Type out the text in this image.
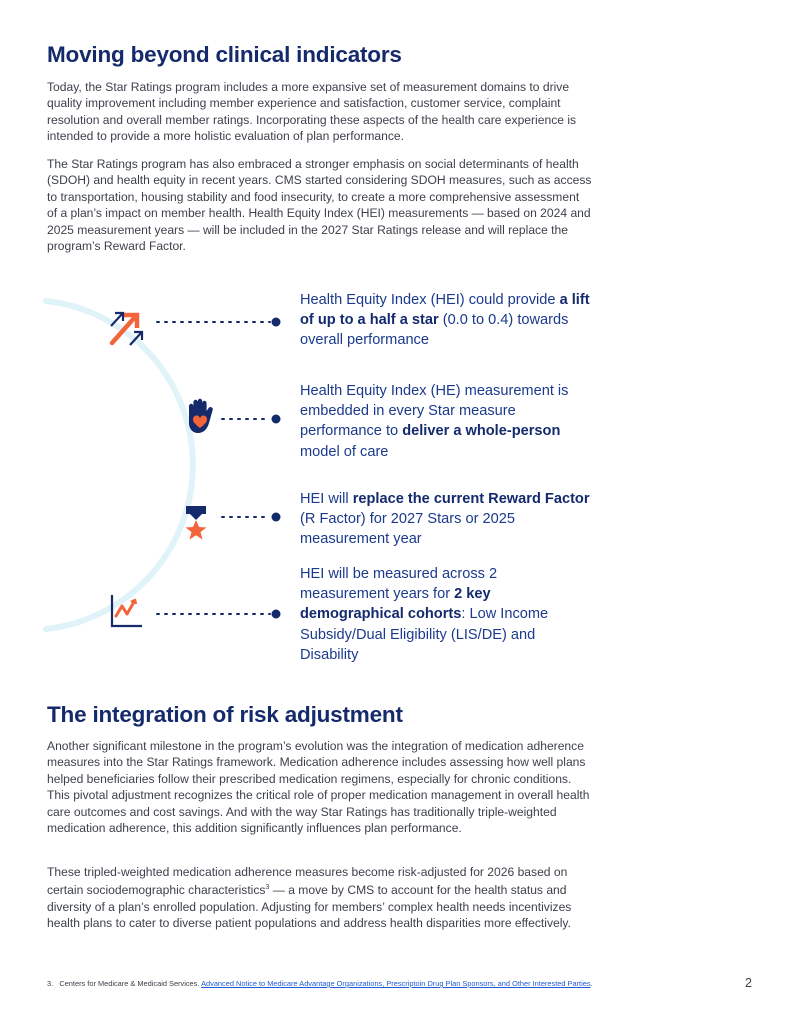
Moving beyond clinical indicators

Today, the Star Ratings program includes a more expansive set of measurement domains to drive quality improvement including member experience and satisfaction, customer service, complaint resolution and overall member ratings. Incorporating these aspects of the health care experience is intended to provide a more holistic evaluation of plan performance.

The Star Ratings program has also embraced a stronger emphasis on social determinants of health (SDOH) and health equity in recent years. CMS started considering SDOH measures, such as access to transportation, housing stability and food insecurity, to create a more comprehensive assessment of a plan’s impact on member health. Health Equity Index (HEI) measurements — based on 2024 and 2025 measurement years — will be included in the 2027 Star Ratings release and will replace the program’s Reward Factor.

Health Equity Index (HEI) could provide a lift of up to a half a star (0.0 to 0.4) towards overall performance

Health Equity Index (HE) measurement is embedded in every Star measure performance to deliver a whole-person model of care

HEI will replace the current Reward Factor (R Factor) for 2027 Stars or 2025 measurement year

HEI will be measured across 2 measurement years for 2 key demographical cohorts: Low Income Subsidy/Dual Eligibility (LIS/DE) and Disability

The integration of risk adjustment

Another significant milestone in the program’s evolution was the integration of medication adherence measures into the Star Ratings framework. Medication adherence includes assessing how well plans helped beneficiaries follow their prescribed medication regimens, especially for chronic conditions. This pivotal adjustment recognizes the critical role of proper medication management in overall health care outcomes and cost savings. And with the way Star Ratings has traditionally triple-weighted medication adherence, this addition significantly influences plan performance.

These tripled-weighted medication adherence measures become risk-adjusted for 2026 based on certain sociodemographic characteristics$^3$ — a move by CMS to account for the health status and diversity of a plan’s enrolled population. Adjusting for members’ complex health needs incentivizes health plans to cater to diverse patient populations and address health disparities more effectively.

3. Centers for Medicare & Medicaid Services. Advanced Notice to Medicare Advantage Organizations, Prescriptoin Drug Plan Sponsors, and Other Interested Parties.	2
